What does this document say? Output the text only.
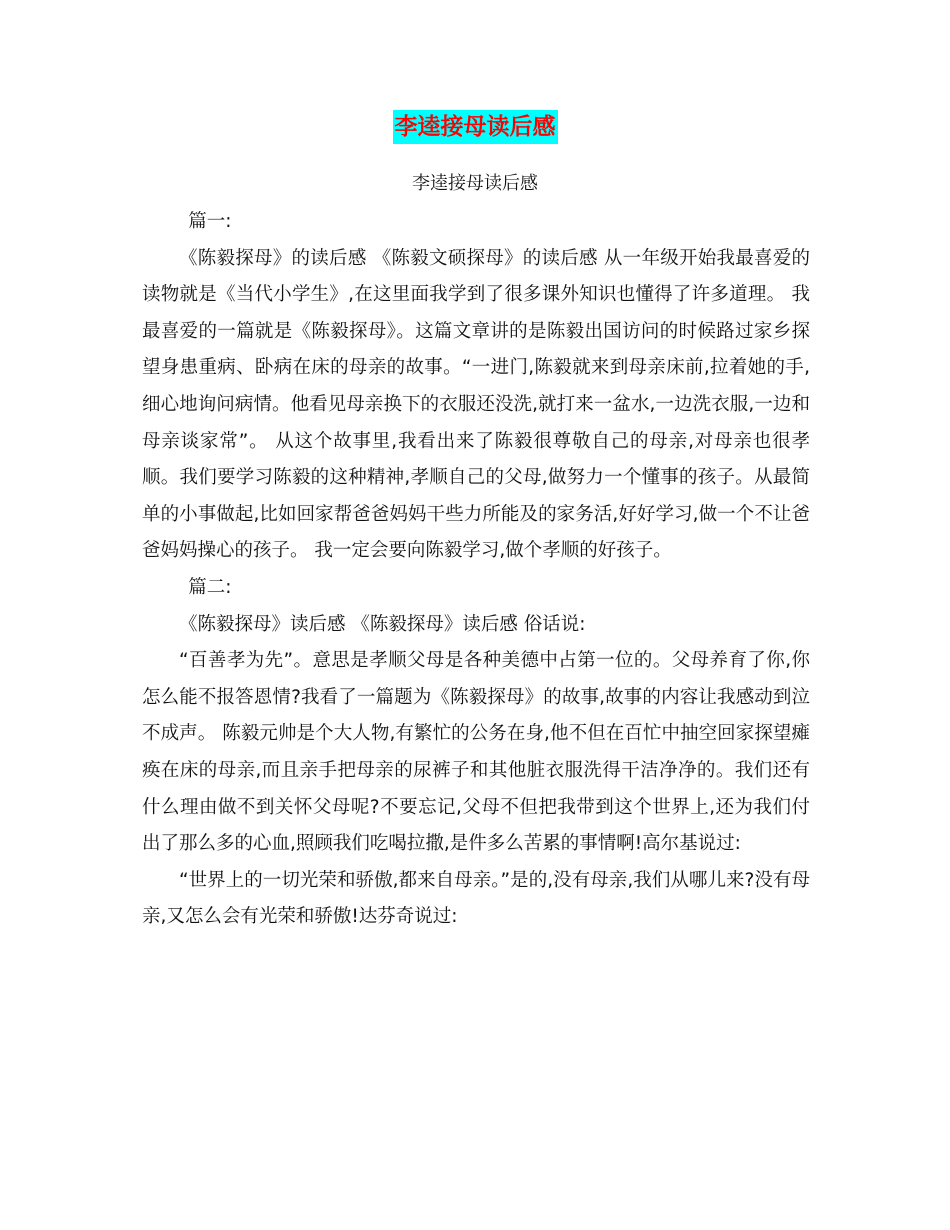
李逵接母读后感
李逵接母读后感

篇一:

《陈毅探母》的读后感 《陈毅文硕探母》的读后感 从一年级开始我最喜爱的读物就是《当代小学生》,在这里面我学到了很多课外知识也懂得了许多道理。 我最喜爱的一篇就是《陈毅探母》。这篇文章讲的是陈毅出国访问的时候路过家乡探望身患重病、卧病在床的母亲的故事。“一进门,陈毅就来到母亲床前,拉着她的手,细心地询问病情。他看见母亲换下的衣服还没洗,就打来一盆水,一边洗衣服,一边和母亲谈家常”。 从这个故事里,我看出来了陈毅很尊敬自己的母亲,对母亲也很孝顺。我们要学习陈毅的这种精神,孝顺自己的父母,做努力一个懂事的孩子。从最简单的小事做起,比如回家帮爸爸妈妈干些力所能及的家务活,好好学习,做一个不让爸爸妈妈操心的孩子。 我一定会要向陈毅学习,做个孝顺的好孩子。

篇二:

《陈毅探母》读后感 《陈毅探母》读后感 俗话说:

“百善孝为先”。意思是孝顺父母是各种美德中占第一位的。父母养育了你,你怎么能不报答恩情?我看了一篇题为《陈毅探母》的故事,故事的内容让我感动到泣不成声。 陈毅元帅是个大人物,有繁忙的公务在身,他不但在百忙中抽空回家探望瘫痪在床的母亲,而且亲手把母亲的尿裤子和其他脏衣服洗得干洁净净的。我们还有什么理由做不到关怀父母呢?不要忘记,父母不但把我带到这个世界上,还为我们付出了那么多的心血,照顾我们吃喝拉撒,是件多么苦累的事情啊!高尔基说过:

“世界上的一切光荣和骄傲,都来自母亲。”是的,没有母亲,我们从哪儿来?没有母亲,又怎么会有光荣和骄傲!达芬奇说过:
